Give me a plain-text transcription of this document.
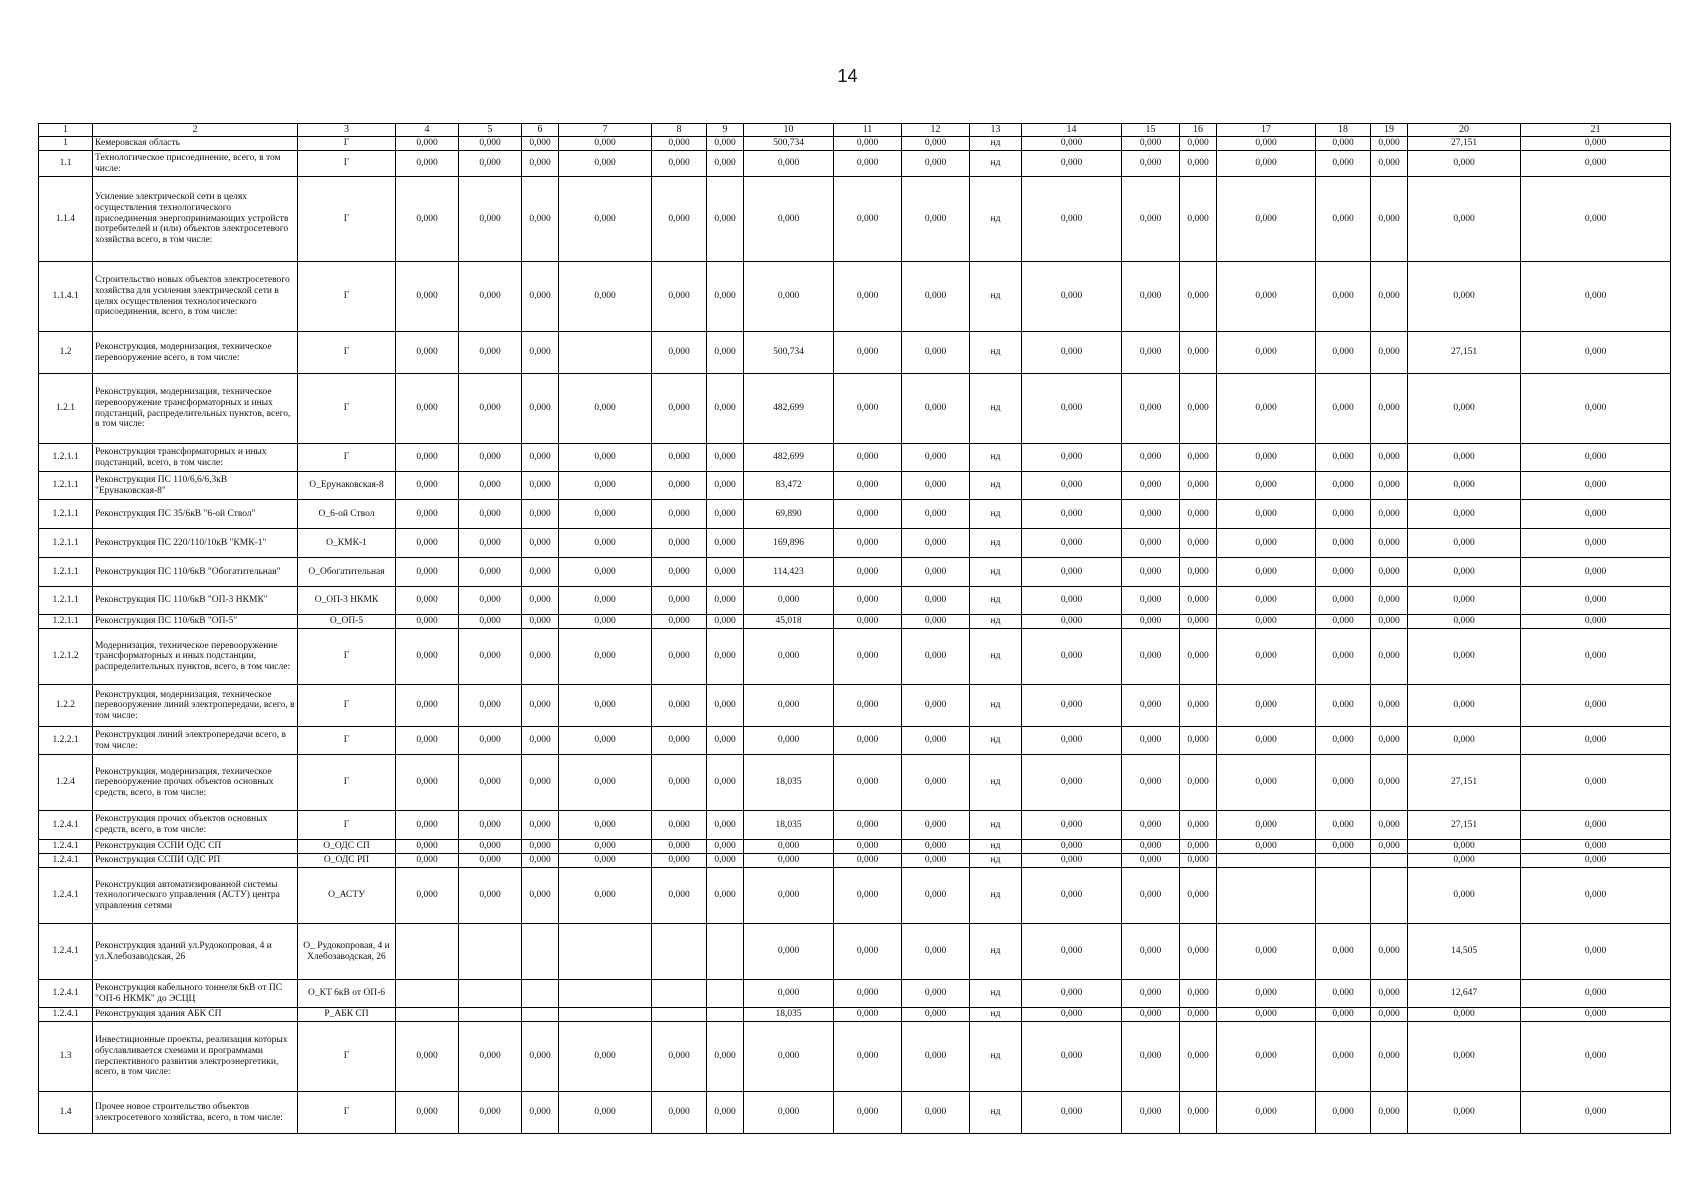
14
1	2	3	4	5	6	7	8	9	10	11	12	13	14	15	16	17	18	19	20	21
1	Кемеровская область	Г	0,000	0,000	0,000	0,000	0,000	0,000	500,734	0,000	0,000	нд	0,000	0,000	0,000	0,000	0,000	0,000	27,151	0,000
1.1	Технологическое присоединение, всего, в том числе:	Г	0,000	0,000	0,000	0,000	0,000	0,000	0,000	0,000	0,000	нд	0,000	0,000	0,000	0,000	0,000	0,000	0,000	0,000
1.1.4	Усиление электрической сети в целях осуществления технологического присоединения энергопринимающих устройств потребителей и (или) объектов электросетевого хозяйства всего, в том числе:	Г	0,000	0,000	0,000	0,000	0,000	0,000	0,000	0,000	0,000	нд	0,000	0,000	0,000	0,000	0,000	0,000	0,000	0,000
1.1.4.1	Строительство новых объектов электросетевого хозяйства для усиления электрической сети в целях осуществления технологического присоединения, всего, в том числе:	Г	0,000	0,000	0,000	0,000	0,000	0,000	0,000	0,000	0,000	нд	0,000	0,000	0,000	0,000	0,000	0,000	0,000	0,000
1.2	Реконструкция, модернизация, техническое перевооружение всего, в том числе:	Г	0,000	0,000	0,000		0,000	0,000	500,734	0,000	0,000	нд	0,000	0,000	0,000	0,000	0,000	0,000	27,151	0,000
1.2.1	Реконструкция, модернизация, техническое перевооружение трансформаторных и иных подстанций, распределительных пунктов, всего, в том числе:	Г	0,000	0,000	0,000	0,000	0,000	0,000	482,699	0,000	0,000	нд	0,000	0,000	0,000	0,000	0,000	0,000	0,000	0,000
1.2.1.1	Реконструкция трансформаторных и иных подстанций, всего, в том числе:	Г	0,000	0,000	0,000	0,000	0,000	0,000	482,699	0,000	0,000	нд	0,000	0,000	0,000	0,000	0,000	0,000	0,000	0,000
1.2.1.1	Реконструкция ПС 110/6,6/6,3кВ "Ерунаковская-8"	О_Ерунаковская-8	0,000	0,000	0,000	0,000	0,000	0,000	83,472	0,000	0,000	нд	0,000	0,000	0,000	0,000	0,000	0,000	0,000	0,000
1.2.1.1	Реконструкция ПС 35/6кВ "6-ой Ствол"	О_6-ой Ствол	0,000	0,000	0,000	0,000	0,000	0,000	69,890	0,000	0,000	нд	0,000	0,000	0,000	0,000	0,000	0,000	0,000	0,000
1.2.1.1	Реконструкция ПС 220/110/10кВ "КМК-1"	О_КМК-1	0,000	0,000	0,000	0,000	0,000	0,000	169,896	0,000	0,000	нд	0,000	0,000	0,000	0,000	0,000	0,000	0,000	0,000
1.2.1.1	Реконструкция ПС 110/6кВ "Обогатительная"	О_Обогатительная	0,000	0,000	0,000	0,000	0,000	0,000	114,423	0,000	0,000	нд	0,000	0,000	0,000	0,000	0,000	0,000	0,000	0,000
1.2.1.1	Реконструкция ПС 110/6кВ "ОП-3 НКМК"	О_ОП-3 НКМК	0,000	0,000	0,000	0,000	0,000	0,000	0,000	0,000	0,000	нд	0,000	0,000	0,000	0,000	0,000	0,000	0,000	0,000
1.2.1.1	Реконструкция ПС 110/6кВ "ОП-5"	О_ОП-5	0,000	0,000	0,000	0,000	0,000	0,000	45,018	0,000	0,000	нд	0,000	0,000	0,000	0,000	0,000	0,000	0,000	0,000
1.2.1.2	Модернизация, техническое перевооружение трансформаторных и иных подстанции, распределительных пунктов, всего, в том числе:	Г	0,000	0,000	0,000	0,000	0,000	0,000	0,000	0,000	0,000	нд	0,000	0,000	0,000	0,000	0,000	0,000	0,000	0,000
1.2.2	Реконструкция, модернизация, техническое перевооружение линий электропередачи, всего, в том числе:	Г	0,000	0,000	0,000	0,000	0,000	0,000	0,000	0,000	0,000	нд	0,000	0,000	0,000	0,000	0,000	0,000	0,000	0,000
1.2.2.1	Реконструкция линий электропередачи всего, в том числе:	Г	0,000	0,000	0,000	0,000	0,000	0,000	0,000	0,000	0,000	нд	0,000	0,000	0,000	0,000	0,000	0,000	0,000	0,000
1.2.4	Реконструкция, модернизация, техническое перевооружение прочих объектов основных средств, всего, в том числе:	Г	0,000	0,000	0,000	0,000	0,000	0,000	18,035	0,000	0,000	нд	0,000	0,000	0,000	0,000	0,000	0,000	27,151	0,000
1.2.4.1	Реконструкция прочих объектов основных средств, всего, в том числе:	Г	0,000	0,000	0,000	0,000	0,000	0,000	18,035	0,000	0,000	нд	0,000	0,000	0,000	0,000	0,000	0,000	27,151	0,000
1.2.4.1	Реконструкция ССПИ ОДС СП	О_ОДС СП	0,000	0,000	0,000	0,000	0,000	0,000	0,000	0,000	0,000	нд	0,000	0,000	0,000	0,000	0,000	0,000	0,000	0,000
1.2.4.1	Реконструкция ССПИ ОДС РП	О_ОДС РП	0,000	0,000	0,000	0,000	0,000	0,000	0,000	0,000	0,000	нд	0,000	0,000	0,000				0,000	0,000
1.2.4.1	Реконструкция автоматизированной системы технологического управления (АСТУ) центра управления сетями	О_АСТУ	0,000	0,000	0,000	0,000	0,000	0,000	0,000	0,000	0,000	нд	0,000	0,000	0,000				0,000	0,000
1.2.4.1	Реконструкция зданий ул.Рудокопровая, 4 и ул.Хлебозаводская, 26	О_ Рудокопровая, 4 и Хлебозаводская, 26							0,000	0,000	0,000	нд	0,000	0,000	0,000	0,000	0,000	0,000	14,505	0,000
1.2.4.1	Реконструкция кабельного тоннеля 6кВ от ПС "ОП-6 НКМК" до ЭСЦЦ	О_КТ 6кВ от ОП-6							0,000	0,000	0,000	нд	0,000	0,000	0,000	0,000	0,000	0,000	12,647	0,000
1.2.4.1	Реконструкция здания АБК СП	Р_АБК СП							18,035	0,000	0,000	нд	0,000	0,000	0,000	0,000	0,000	0,000	0,000	0,000
1.3	Инвестиционные проекты, реализация которых обуславливается схемами и программами перспективного развития электроэнергетики, всего, в том числе:	Г	0,000	0,000	0,000	0,000	0,000	0,000	0,000	0,000	0,000	нд	0,000	0,000	0,000	0,000	0,000	0,000	0,000	0,000
1.4	Прочее новое строительство объектов электросетевого хозяйства, всего, в том числе:	Г	0,000	0,000	0,000	0,000	0,000	0,000	0,000	0,000	0,000	нд	0,000	0,000	0,000	0,000	0,000	0,000	0,000	0,000
